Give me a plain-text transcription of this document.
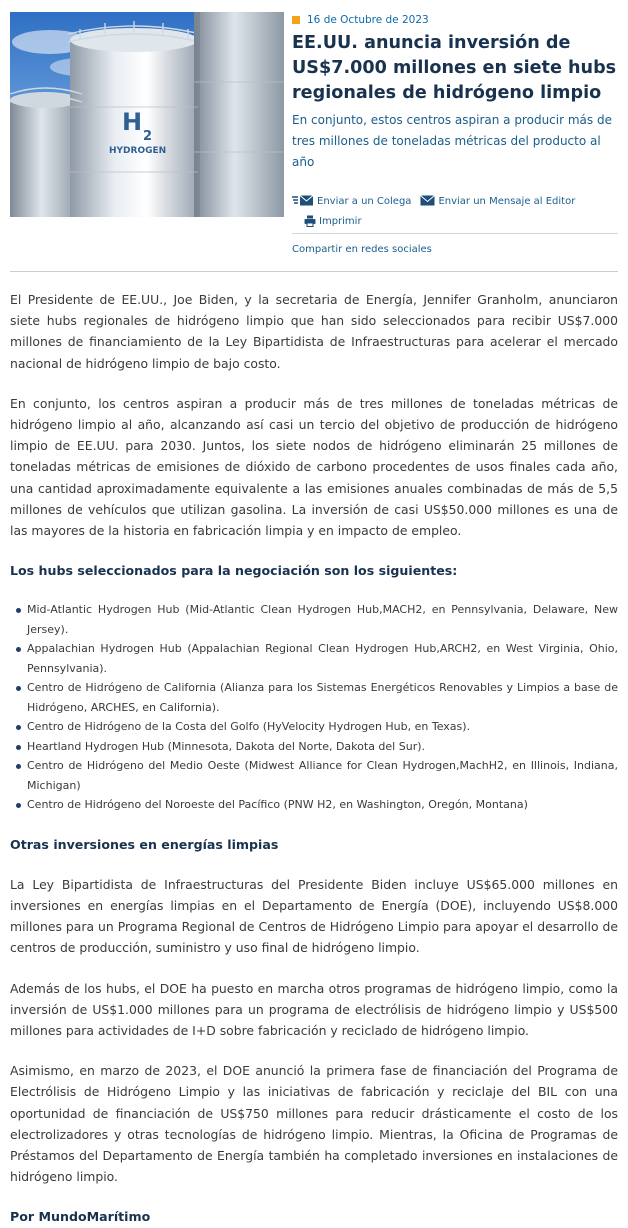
H
2
HYDROGEN
16 de Octubre de 2023
EE.UU. anuncia inversión de US$7.000 millones en siete hubs regionales de hidrógeno limpio

En conjunto, estos centros aspiran a producir más de tres millones de toneladas métricas del producto al año

Enviar a un Colega	Enviar un Mensaje al Editor
Imprimir
Compartir en redes sociales

El Presidente de EE.UU., Joe Biden, y la secretaria de Energía, Jennifer Granholm, anunciaron siete hubs regionales de hidrógeno limpio que han sido seleccionados para recibir US$7.000 millones de financiamiento de la Ley Bipartidista de Infraestructuras para acelerar el mercado nacional de hidrógeno limpio de bajo costo.

En conjunto, los centros aspiran a producir más de tres millones de toneladas métricas de hidrógeno limpio al año, alcanzando así casi un tercio del objetivo de producción de hidrógeno limpio de EE.UU. para 2030. Juntos, los siete nodos de hidrógeno eliminarán 25 millones de toneladas métricas de emisiones de dióxido de carbono procedentes de usos finales cada año, una cantidad aproximadamente equivalente a las emisiones anuales combinadas de más de 5,5 millones de vehículos que utilizan gasolina. La inversión de casi US$50.000 millones es una de las mayores de la historia en fabricación limpia y en impacto de empleo.

Los hubs seleccionados para la negociación son los siguientes:
Mid-Atlantic Hydrogen Hub (Mid-Atlantic Clean Hydrogen Hub,MACH2, en Pennsylvania, Delaware, New Jersey).
Appalachian Hydrogen Hub (Appalachian Regional Clean Hydrogen Hub,ARCH2, en West Virginia, Ohio, Pennsylvania).
Centro de Hidrógeno de California (Alianza para los Sistemas Energéticos Renovables y Limpios a base de Hidrógeno, ARCHES, en California).
Centro de Hidrógeno de la Costa del Golfo (HyVelocity Hydrogen Hub, en Texas).
Heartland Hydrogen Hub (Minnesota, Dakota del Norte, Dakota del Sur).
Centro de Hidrógeno del Medio Oeste (Midwest Alliance for Clean Hydrogen,MachH2, en Illinois, Indiana, Michigan)
Centro de Hidrógeno del Noroeste del Pacífico (PNW H2, en Washington, Oregón, Montana)
Otras inversiones en energías limpias

La Ley Bipartidista de Infraestructuras del Presidente Biden incluye US$65.000 millones en inversiones en energías limpias en el Departamento de Energía (DOE), incluyendo US$8.000 millones para un Programa Regional de Centros de Hidrógeno Limpio para apoyar el desarrollo de centros de producción, suministro y uso final de hidrógeno limpio.

Además de los hubs, el DOE ha puesto en marcha otros programas de hidrógeno limpio, como la inversión de US$1.000 millones para un programa de electrólisis de hidrógeno limpio y US$500 millones para actividades de I+D sobre fabricación y reciclado de hidrógeno limpio.

Asimismo, en marzo de 2023, el DOE anunció la primera fase de financiación del Programa de Electrólisis de Hidrógeno Limpio y las iniciativas de fabricación y reciclaje del BIL con una oportunidad de financiación de US$750 millones para reducir drásticamente el costo de los electrolizadores y otras tecnologías de hidrógeno limpio. Mientras, la Oficina de Programas de Préstamos del Departamento de Energía también ha completado inversiones en instalaciones de hidrógeno limpio.

Por MundoMarítimo
